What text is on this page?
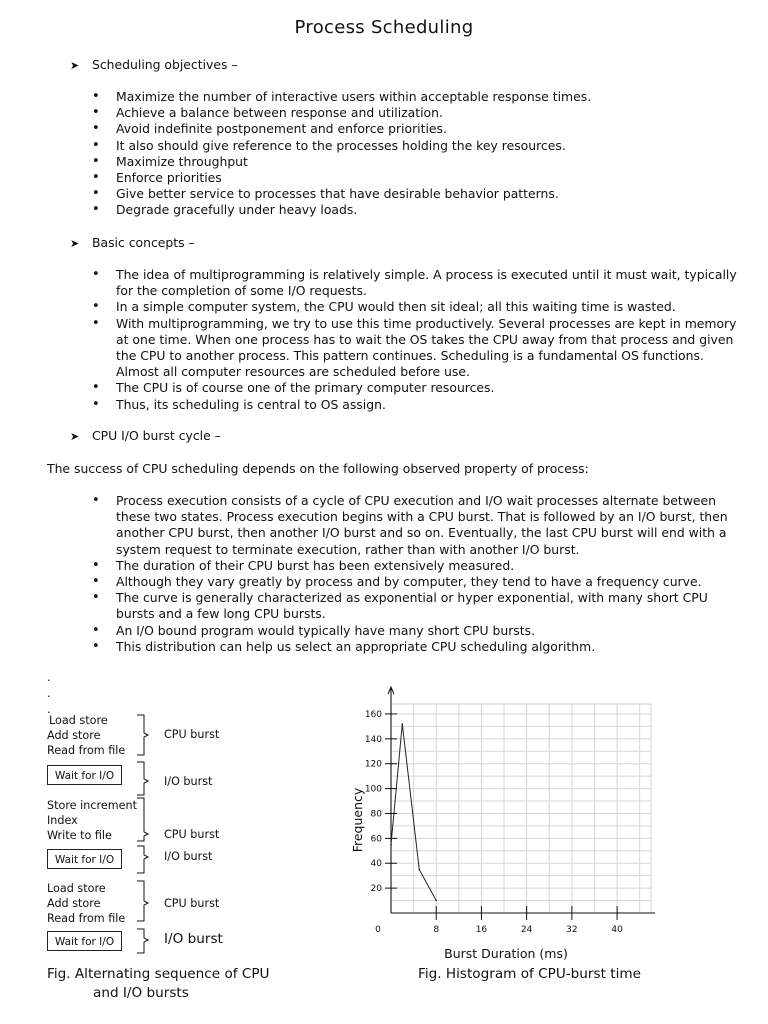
Process Scheduling
➤ Scheduling objectives –
• Maximize the number of interactive users within acceptable response times.
• Achieve a balance between response and utilization.
• Avoid indefinite postponement and enforce priorities.
• It also should give reference to the processes holding the key resources.
• Maximize throughput
• Enforce priorities
• Give better service to processes that have desirable behavior patterns.
• Degrade gracefully under heavy loads.
➤ Basic concepts –
• The idea of multiprogramming is relatively simple. A process is executed until it must wait, typically for the completion of some I/O requests.
• In a simple computer system, the CPU would then sit ideal; all this waiting time is wasted.
• With multiprogramming, we try to use this time productively. Several processes are kept in memory at one time. When one process has to wait the OS takes the CPU away from that process and given the CPU to another process. This pattern continues. Scheduling is a fundamental OS functions. Almost all computer resources are scheduled before use.
• The CPU is of course one of the primary computer resources.
• Thus, its scheduling is central to OS assign.
➤ CPU I/O burst cycle –
The success of CPU scheduling depends on the following observed property of process:
• Process execution consists of a cycle of CPU execution and I/O wait processes alternate between these two states. Process execution begins with a CPU burst. That is followed by an I/O burst, then another CPU burst, then another I/O burst and so on. Eventually, the last CPU burst will end with a system request to terminate execution, rather than with another I/O burst.
• The duration of their CPU burst has been extensively measured.
• Although they vary greatly by process and by computer, they tend to have a frequency curve.
• The curve is generally characterized as exponential or hyper exponential, with many short CPU bursts and a few long CPU bursts.
• An I/O bound program would typically have many short CPU bursts.
• This distribution can help us select an appropriate CPU scheduling algorithm.
.
.
.
Load store
Add store
Read from file
Wait for I/O
Store increment
Index
Write to file
Wait for I/O
Load store
Add store
Read from file
Wait for I/O
CPU burst
I/O burst
CPU burst
I/O burst
CPU burst
I/O burst
Fig. Alternating sequence of CPU
and I/O bursts
20
40
60
80
100
120
140
160
8	16	24	32	40
Frequency
Burst Duration (ms)
0
Fig. Histogram of CPU-burst time
